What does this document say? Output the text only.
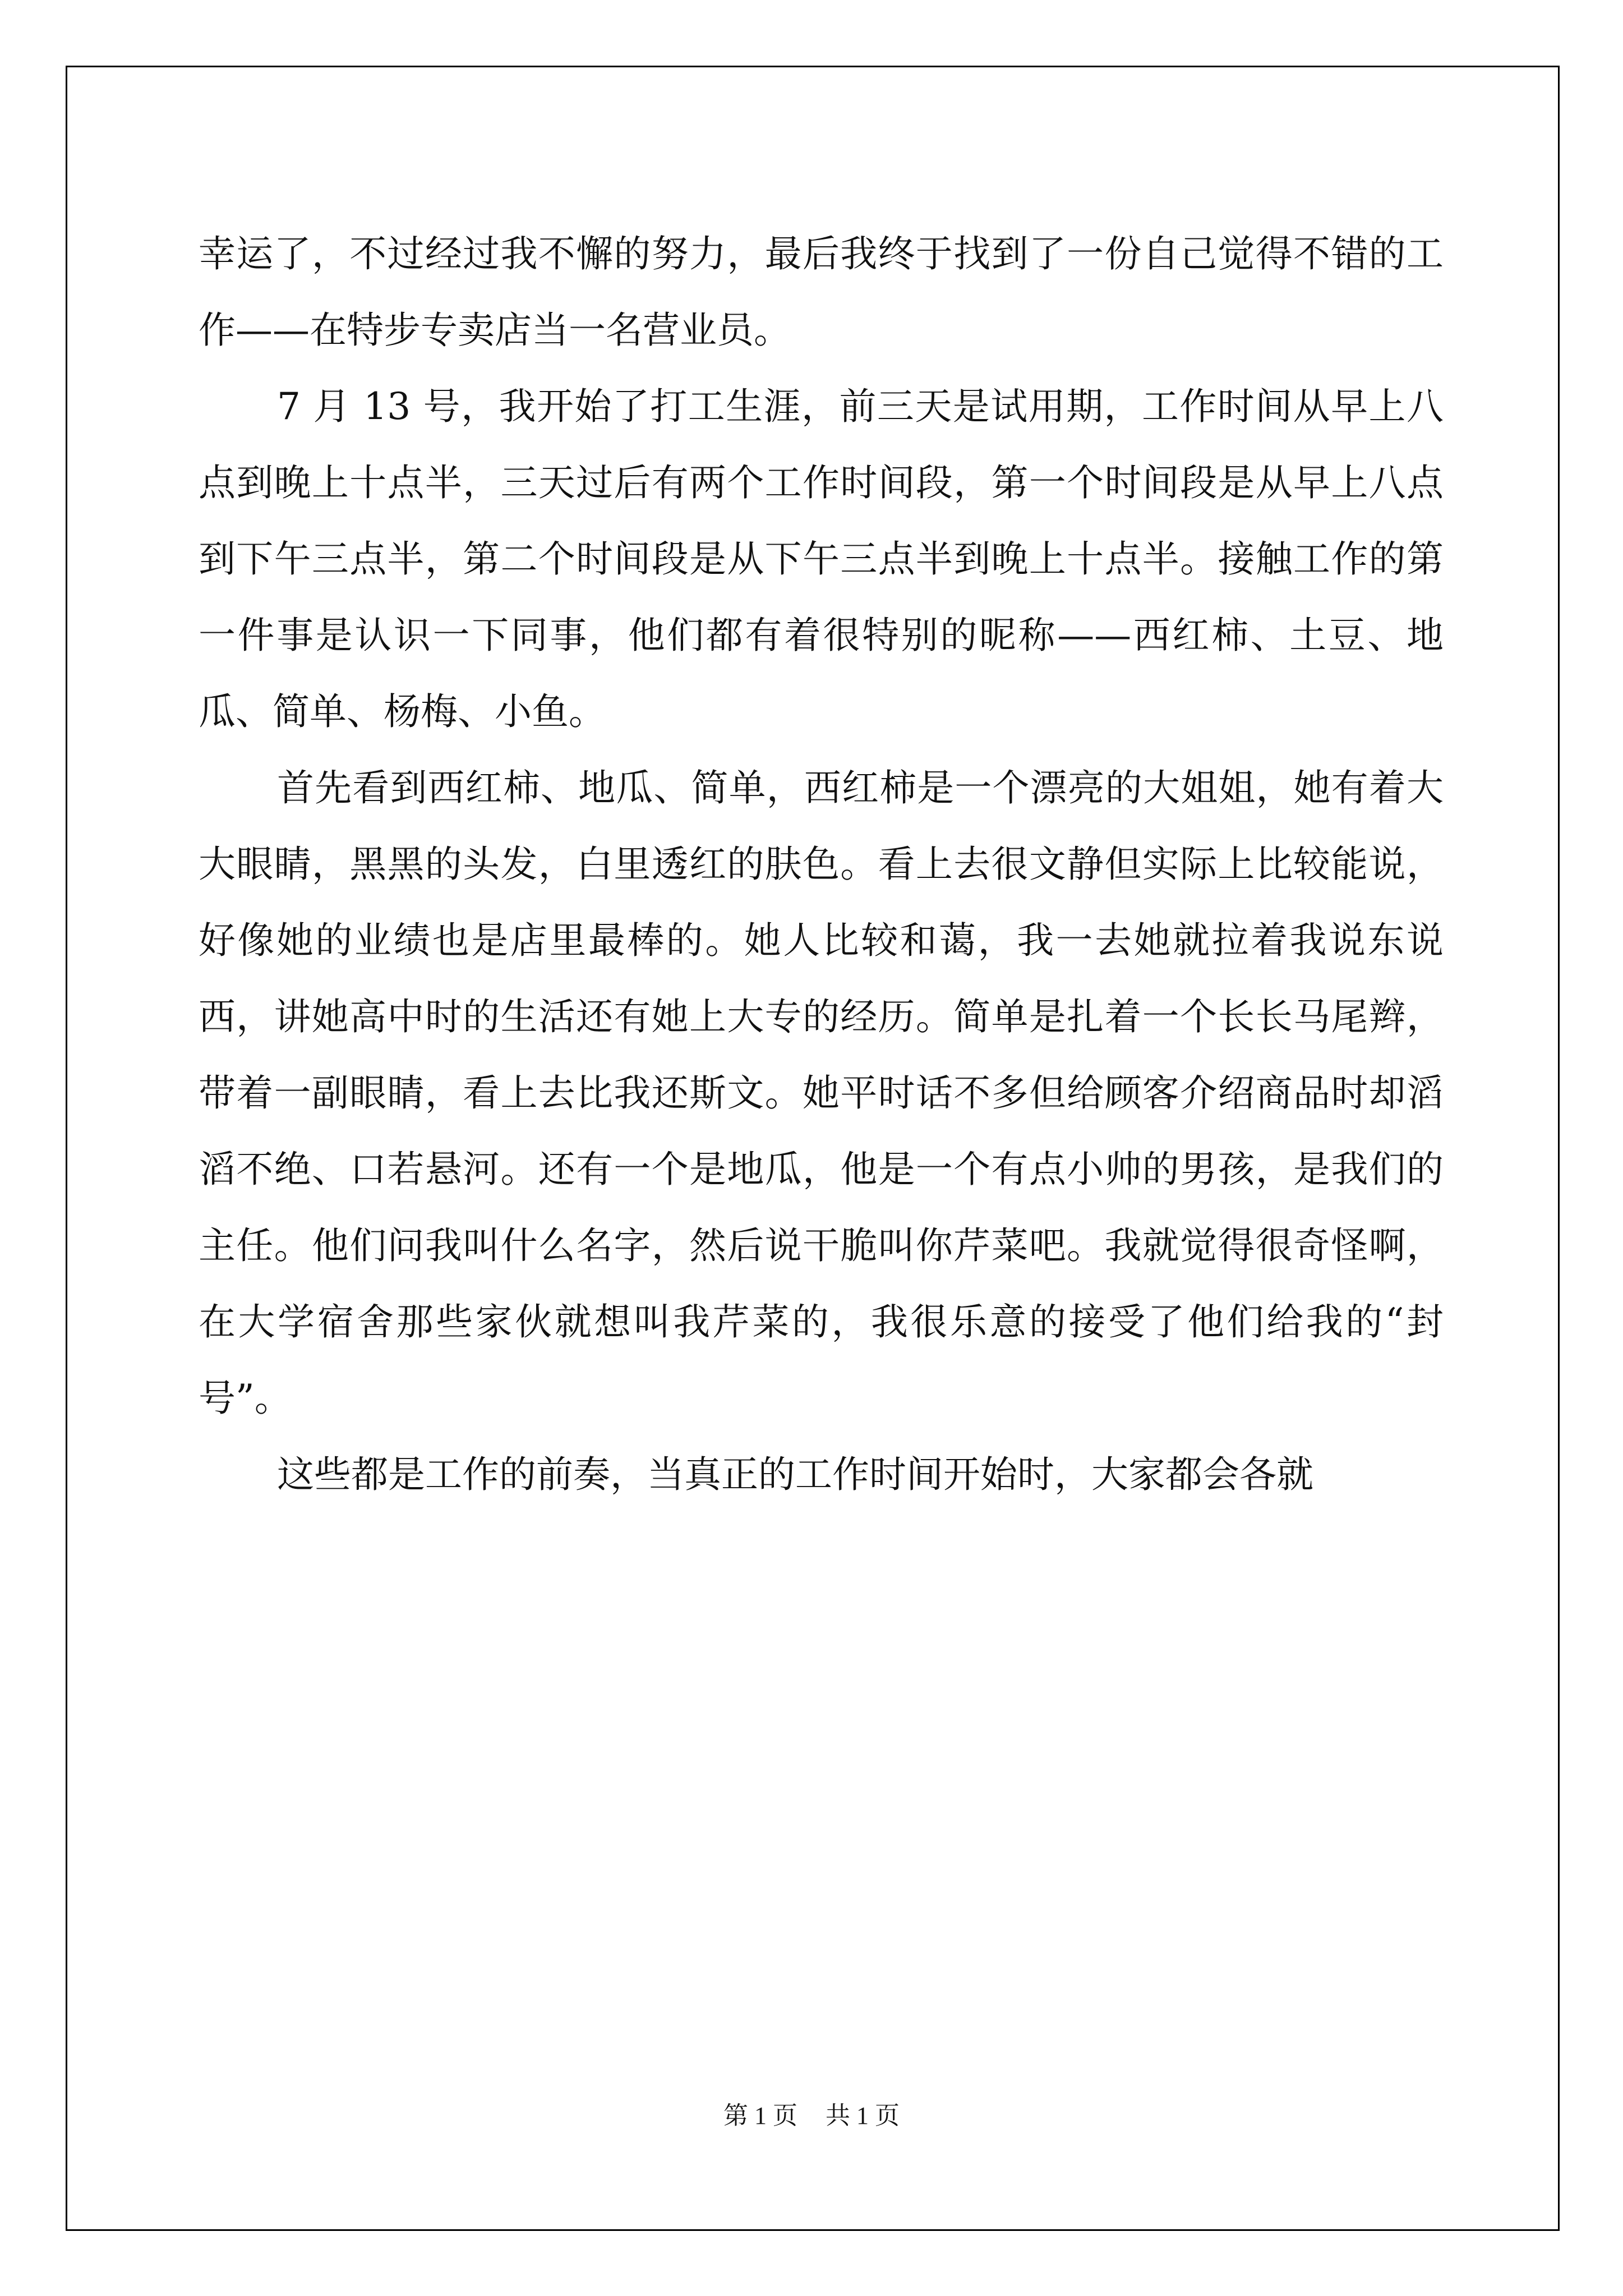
幸运了，不过经过我不懈的努力，最后我终于找到了一份自己觉得不错的工作——在特步专卖店当一名营业员。

7 月 13 号，我开始了打工生涯，前三天是试用期，工作时间从早上八点到晚上十点半，三天过后有两个工作时间段，第一个时间段是从早上八点到下午三点半，第二个时间段是从下午三点半到晚上十点半。接触工作的第一件事是认识一下同事，他们都有着很特别的昵称——西红柿、土豆、地瓜、简单、杨梅、小鱼。

首先看到西红柿、地瓜、简单，西红柿是一个漂亮的大姐姐，她有着大大眼睛，黑黑的头发，白里透红的肤色。看上去很文静但实际上比较能说，好像她的业绩也是店里最棒的。她人比较和蔼，我一去她就拉着我说东说西，讲她高中时的生活还有她上大专的经历。简单是扎着一个长长马尾辫，带着一副眼睛，看上去比我还斯文。她平时话不多但给顾客介绍商品时却滔滔不绝、口若悬河。还有一个是地瓜，他是一个有点小帅的男孩，是我们的主任。他们问我叫什么名字，然后说干脆叫你芹菜吧。我就觉得很奇怪啊，在大学宿舍那些家伙就想叫我芹菜的，我很乐意的接受了他们给我的“封号”。

这些都是工作的前奏，当真正的工作时间开始时，大家都会各就

第 1 页 共 1 页
